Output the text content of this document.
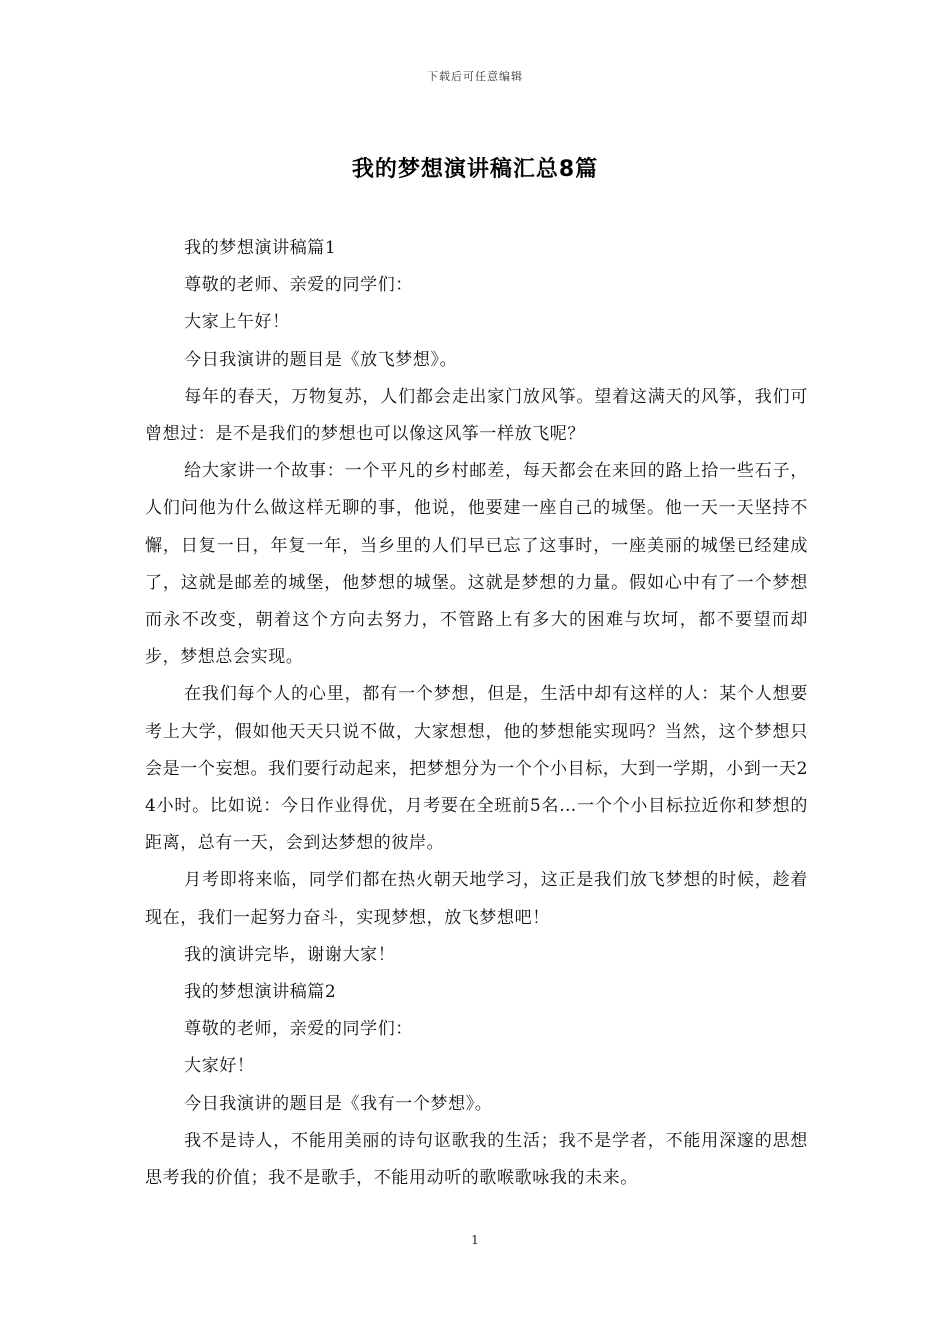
下载后可任意编辑
我的梦想演讲稿汇总8篇

我的梦想演讲稿篇1

尊敬的老师、亲爱的同学们：

大家上午好！

今日我演讲的题目是《放飞梦想》。

每年的春天，万物复苏，人们都会走出家门放风筝。望着这满天的风筝，我们可曾想过：是不是我们的梦想也可以像这风筝一样放飞呢？

给大家讲一个故事：一个平凡的乡村邮差，每天都会在来回的路上拾一些石子，人们问他为什么做这样无聊的事，他说，他要建一座自己的城堡。他一天一天坚持不懈，日复一日，年复一年，当乡里的人们早已忘了这事时，一座美丽的城堡已经建成了，这就是邮差的城堡，他梦想的城堡。这就是梦想的力量。假如心中有了一个梦想而永不改变，朝着这个方向去努力，不管路上有多大的困难与坎坷，都不要望而却步，梦想总会实现。

在我们每个人的心里，都有一个梦想，但是，生活中却有这样的人：某个人想要考上大学，假如他天天只说不做，大家想想，他的梦想能实现吗？当然，这个梦想只会是一个妄想。我们要行动起来，把梦想分为一个个小目标，大到一学期，小到一天24小时。比如说：今日作业得优，月考要在全班前5名…一个个小目标拉近你和梦想的距离，总有一天，会到达梦想的彼岸。

月考即将来临，同学们都在热火朝天地学习，这正是我们放飞梦想的时候，趁着现在，我们一起努力奋斗，实现梦想，放飞梦想吧！

我的演讲完毕，谢谢大家！

我的梦想演讲稿篇2

尊敬的老师，亲爱的同学们：

大家好！

今日我演讲的题目是《我有一个梦想》。

我不是诗人，不能用美丽的诗句讴歌我的生活；我不是学者，不能用深邃的思想思考我的价值；我不是歌手，不能用动听的歌喉歌咏我的未来。

1
